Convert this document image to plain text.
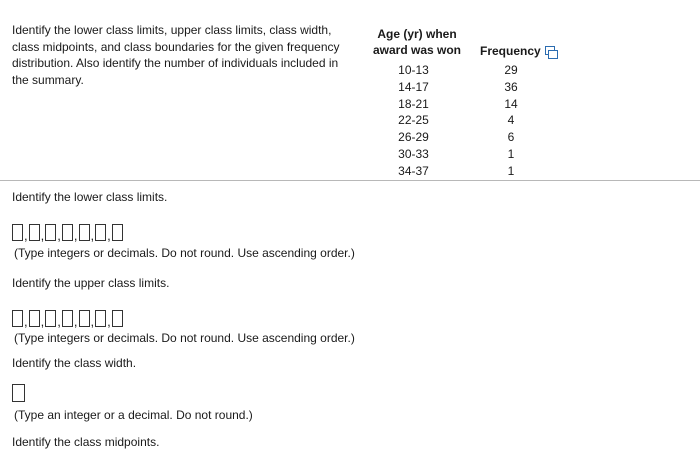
Identify the lower class limits, upper class limits, class width, class midpoints, and class boundaries for the given frequency distribution. Also identify the number of individuals included in the summary.
Age (yr) when award was won	Frequency
10-13	29
14-17	36
18-21	14
22-25	4
26-29	6
30-33	1
34-37	1
Identify the lower class limits.
, , , , , ,
(Type integers or decimals. Do not round. Use ascending order.)
Identify the upper class limits.
, , , , , ,
(Type integers or decimals. Do not round. Use ascending order.)
Identify the class width.
(Type an integer or a decimal. Do not round.)
Identify the class midpoints.
